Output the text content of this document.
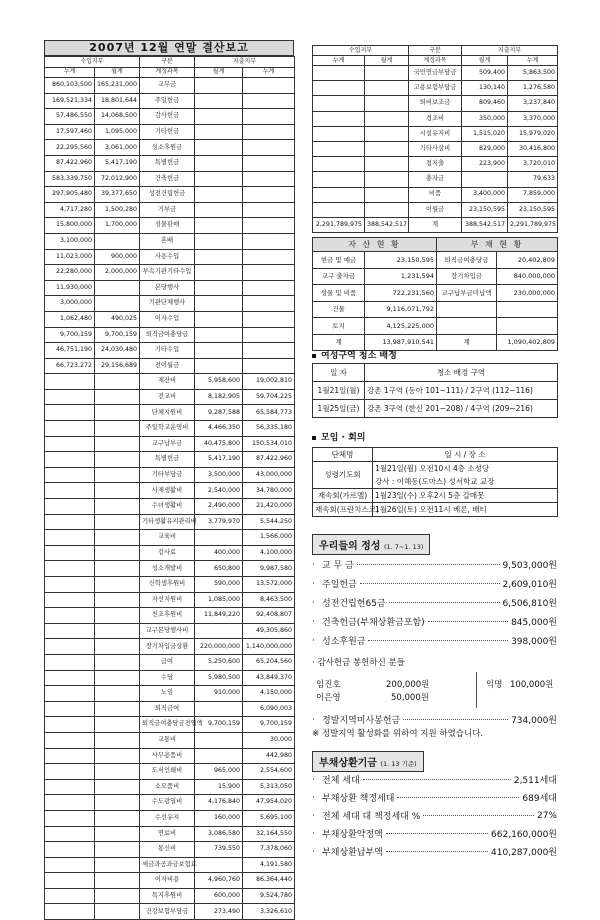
2007년 12월 연말 결산보고
수입지부		구분	지출지부	
누계	월계	계정과목	월계	누계
860,103,500	165,231,000	교무금		
169,521,334	18,801,644	주일헌금		
57,486,550	14,068,500	감사헌금		
17,597,460	1,095,000	기타헌금		
22,295,560	3,061,000	성소후원금		
87,422,960	5,417,190	특별헌금		
583,339,750	72,012,900	건축헌금		
297,905,480	39,377,650	성전건립헌금		
4,717,280	1,500,280	기부금		
15,800,000	1,700,000	성물판매		
3,100,000		혼배		
11,023,000	900,000	사용수입		
22,280,000	2,000,000	부속기관기타수입		
11,930,000		본당행사		
3,000,000		기관단체행사		
1,062,480	490,025	이자수입		
9,700,159	9,700,159	퇴직금여충당금		
46,751,190	24,030,480	기타수입		
66,723,272	29,156,689	전이월금		
		제잔비	5,958,600	19,002,810
		전교비	8,182,905	59,704,225
		단체지원비	9,287,588	65,584,773
		주일학교운영비	4,466,350	56,335,180
		교구납부금	40,475,800	150,534,010
		특별헌금	5,417,190	87,422,960
		기타부담금	3,500,000	43,000,000
		사제생활비	2,540,000	34,780,000
		수녀생활비	2,490,000	21,420,000
		기타생활유지관리비	3,779,970	5,544,250
		교육비		1,566,000
		강사료	400,000	4,100,000
		성소개발비	650,800	9,987,580
		신학생후원비	590,000	13,572,000
		자선지원비	1,085,000	8,463,500
		친조후원비	11,849,220	92,408,807
		교구본당행사비		49,305,860
		장기차입금상환	220,000,000	1,140,000,000
		급여	5,250,600	65,204,560
		수당	5,980,500	43,849,370
		노임	910,000	4,150,000
		퇴직금여		6,090,003
		퇴직금여충당금전입액	9,700,159	9,700,159
		교통비		30,000
		사무용품비		442,980
		도서인쇄비	965,000	2,554,600
		소모품비	15,900	5,313,050
		수도광열비	4,176,840	47,954,020
		수선유지	160,000	5,695,100
		연료비	3,086,580	32,164,550
		통신비	739,550	7,378,060
		세금과공과금보험료		4,191,580
		이자비용	4,960,760	86,364,440
		목지후원비	600,000	9,524,780
		건강보험부담금	273,490	3,326,610
수입지부		구분	지출지부	
누계	월계	계정과목	월계	누계
		국민연금부담금	509,400	5,863,500
		고용보험부담금	130,140	1,276,580
		퇴비보조금	809,460	3,237,840
		경조비	350,000	3,370,000
		시설유지비	1,515,020	15,979,020
		기타사상비	829,000	30,416,800
		접지출	223,900	3,720,010
		충자금		79,633
		비품	3,400,000	7,859,000
		이월금	23,150,595	23,150,595
2,291,789,975	388,542,517	계	388,542,517	2,291,789,975
자 산 현 황		부 채 현 황	
현금 및 예금	23,150,595	퇴직금여충당금	20,402,809
교구 출자금	1,231,594	장기차입금	840,000,000
성물 및 비품	722,231,560	교구납부금미납액	230,000,000
건물	9,116,071,792		
토지	4,125,225,000		
계	13,987,910,541	계	1,090,402,809
여성구역 청소 배정
일 자	청소 배정 구역
1월21일(월)	강촌 1구역 (동아 101~111) / 2구역 (112~116)
1월25일(금)	강촌 3구역 (한신 201~208) / 4구역 (209~216)
모임 · 회의
단체명	일 시 / 장 소
성령기도회	1월21일(월) 오전10시 4층 소성당
강사 : 이해동(도마스) 성서학교 교장

재속회(가르멜)	1월23일(수) 오후2시 5층 갈매못

재속회(프란치스코)	1월26일(토) 오전11시 베론, 배티
우리들의 정성 (1. 7~1. 13)
· 교 무 금	9,503,000원
· 주일헌금	2,609,010원
· 성전건립헌65금	6,506,810원
· 건축헌금(부채상환금포함)	845,000원
· 성소후원금	398,000원
· 감사헌금 봉헌하신 분들
임진호	200,000원
이은영	50,000원
익명 100,000원
· 정발지역미사봉헌금	734,000원
※ 정발지역 활성화를 위하여 지원 하였습니다.
부채상환기금 (1. 13 기준)
· 전체 세대	2,511세대
· 부채상환 책정세대	689세대
· 전체 세대 대 책정세대 %	27%
· 부채상환약정액	662,160,000원
· 부채상환납부액	410,287,000원
